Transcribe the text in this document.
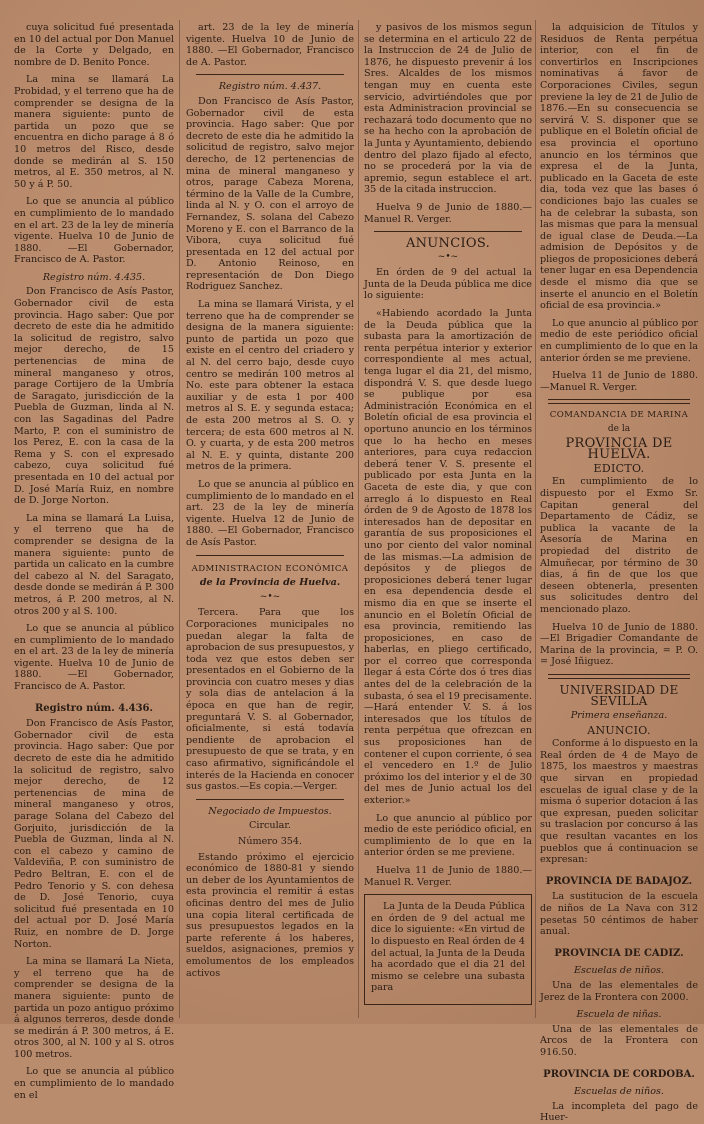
cuya solicitud fué presentada en 10 del actual por Don Manuel de la Corte y Delgado, en nombre de D. Benito Ponce.

La mina se llamará La Probidad, y el terreno que ha de comprender se designa de la manera siguiente: punto de partida un pozo que se encuentra en dicho parage á 8 ó 10 metros del Risco, desde donde se medirán al S. 150 metros, al E. 350 metros, al N. 50 y á P. 50.

Lo que se anuncia al público en cumplimiento de lo mandado en el art. 23 de la ley de minería vigente. Huelva 10 de Junio de 1880. —El Gobernador, Francisco de A. Pastor.

Registro núm. 4.435.

Don Francisco de Asís Pastor, Gobernador civil de esta provincia. Hago saber: Que por decreto de este dia he admitido la solicitud de registro, salvo mejor derecho, de 15 pertenencias de mina de mineral manganeso y otros, parage Cortijero de la Umbría de Saragato, jurisdicción de la Puebla de Guzman, linda al N. con las Sagadinas del Padre Marto, P. con el suministro de los Perez, E. con la casa de la Rema y S. con el expresado cabezo, cuya solicitud fué presentada en 10 del actual por D. José María Ruiz, en nombre de D. Jorge Norton.

La mina se llamará La Luisa, y el terreno que ha de comprender se designa de la manera siguiente: punto de partida un calicato en la cumbre del cabezo al N. del Saragato, desde donde se medirán á P. 300 metros, á P. 200 metros, al N. otros 200 y al S. 100.

Lo que se anuncia al público en cumplimiento de lo mandado en el art. 23 de la ley de minería vigente. Huelva 10 de Junio de 1880. —El Gobernador, Francisco de A. Pastor.

Registro núm. 4.436.

Don Francisco de Asís Pastor, Gobernador civil de esta provincia. Hago saber: Que por decreto de este dia he admitido la solicitud de registro, salvo mejor derecho, de 12 pertenencias de mina de mineral manganeso y otros, parage Solana del Cabezo del Gorjuito, jurisdicción de la Puebla de Guzman, linda al N. con el cabezo y camino de Valdeviña, P. con suministro de Pedro Beltran, E. con el de Pedro Tenorio y S. con dehesa de D. José Tenorio, cuya solicitud fué presentada en 10 del actual por D. José María Ruiz, en nombre de D. Jorge Norton.

La mina se llamará La Nieta, y el terreno que ha de comprender se designa de la manera siguiente: punto de partida un pozo antiguo próximo á algunos terreros, desde donde se medirán á P. 300 metros, á E. otros 300, al N. 100 y al S. otros 100 metros.

Lo que se anuncia al público en cumplimiento de lo mandado en el

art. 23 de la ley de minería vigente. Huelva 10 de Junio de 1880. —El Gobernador, Francisco de A. Pastor.

Registro núm. 4.437.

Don Francisco de Asís Pastor, Gobernador civil de esta provincia. Hago saber: Que por decreto de este dia he admitido la solicitud de registro, salvo mejor derecho, de 12 pertenencias de mina de mineral manganeso y otros, parage Cabeza Morena, término de la Valle de la Cumbre, linda al N. y O. con el arroyo de Fernandez, S. solana del Cabezo Moreno y E. con el Barranco de la Vibora, cuya solicitud fué presentada en 12 del actual por D. Antonio Reinoso, en representación de Don Diego Rodriguez Sanchez.

La mina se llamará Virista, y el terreno que ha de comprender se designa de la manera siguiente: punto de partida un pozo que existe en el centro del criadero y al N. del cerro bajo, desde cuyo centro se medirán 100 metros al No. este para obtener la estaca auxiliar y de esta 1 por 400 metros al S. E. y segunda estaca; de esta 200 metros al S. O. y tercera; de esta 600 metros al N. O. y cuarta, y de esta 200 metros al N. E. y quinta, distante 200 metros de la primera.

Lo que se anuncia al público en cumplimiento de lo mandado en el art. 23 de la ley de minería vigente. Huelva 12 de Junio de 1880. —El Gobernador, Francisco de Asís Pastor.

ADMINISTRACION ECONÓMICA
de la Provincia de Huelva.
~•~

Tercera. Para que los Corporaciones municipales no puedan alegar la falta de aprobacion de sus presupuestos, y toda vez que estos deben ser presentados en el Gobierno de la provincia con cuatro meses y dias y sola dias de antelacion á la época en que han de regir, preguntará V. S. al Gobernador, oficialmente, si está todavía pendiente de aprobacion el presupuesto de que se trata, y en caso afirmativo, significándole el interés de la Hacienda en conocer sus gastos.—Es copia.—Verger.

Negociado de Impuestos.
Circular.
Número 354.

Estando próximo el ejercicio económico de 1880-81 y siendo un deber de los Ayuntamientos de esta provincia el remitir á estas oficinas dentro del mes de Julio una copia literal certificada de sus presupuestos legados en la parte referente á los haberes, sueldos, asignaciones, premios y emolumentos de los empleados activos

y pasivos de los mismos segun se determina en el articulo 22 de la Instruccion de 24 de Julio de 1876, he dispuesto prevenir á los Sres. Alcaldes de los mismos tengan muy en cuenta este servicio, advirtiéndoles que por esta Administracion provincial se rechazará todo documento que no se ha hecho con la aprobación de la Junta y Ayuntamiento, debiendo dentro del plazo fijado al efecto, no se procederá por la via de apremio, segun establece el art. 35 de la citada instruccion.

Huelva 9 de Junio de 1880.—Manuel R. Verger.

ANUNCIOS.
~•~

En órden de 9 del actual la Junta de la Deuda pública me dice lo siguiente:

«Habiendo acordado la Junta de la Deuda pública que la subasta para la amortización de renta perpétua interior y exterior correspondiente al mes actual, tenga lugar el dia 21, del mismo, dispondrá V. S. que desde luego se publique por esa Administración Económica en el Boletín oficial de esa provincia el oportuno anuncio en los términos que lo ha hecho en meses anteriores, para cuya redaccion deberá tener V. S. presente el publicado por esta Junta en la Gaceta de este dia, y que con arreglo á lo dispuesto en Real órden de 9 de Agosto de 1878 los interesados han de depositar en garantía de sus proposiciones el uno por ciento del valor nominal de las mismas.—La admision de depósitos y de pliegos de proposiciones deberá tener lugar en esa dependencia desde el mismo dia en que se inserte el anuncio en el Boletín Oficial de esa provincia, remitiendo las proposiciones, en caso de haberlas, en pliego certificado, por el correo que corresponda llegar á esta Córte dos ó tres dias antes del de la celebración de la subasta, ó sea el 19 precisamente.—Hará entender V. S. á los interesados que los títulos de renta perpétua que ofrezcan en sus proposiciones han de contener el cupon corriente, ó sea el vencedero en 1.º de Julio próximo los del interior y el de 30 del mes de Junio actual los del exterior.»

Lo que anuncio al público por medio de este periódico oficial, en cumplimiento de lo que en la anterior órden se me previene.

Huelva 11 de Junio de 1880.—Manuel R. Verger.

La Junta de la Deuda Pública en órden de 9 del actual me dice lo siguiente: «En virtud de lo dispuesto en Real órden de 4 del actual, la Junta de la Deuda ha acordado que el dia 21 del mismo se celebre una subasta para

la adquisicion de Títulos y Residuos de Renta perpétua interior, con el fin de convertirlos en Inscripciones nominativas á favor de Corporaciones Civiles, segun previene la ley de 21 de Julio de 1876.—En su consecuencia se servirá V. S. disponer que se publique en el Boletín oficial de esa provincia el oportuno anuncio en los términos que expresa el de la Junta, publicado en la Gaceta de este dia, toda vez que las bases ó condiciones bajo las cuales se ha de celebrar la subasta, son las mismas que para la mensual de igual clase de Deuda.—La admision de Depósitos y de pliegos de proposiciones deberá tener lugar en esa Dependencia desde el mismo dia que se inserte el anuncio en el Boletín oficial de esa provincia.»

Lo que anuncio al público por medio de este periódico oficial en cumplimiento de lo que en la anterior órden se me previene.

Huelva 11 de Junio de 1880.—Manuel R. Verger.

COMANDANCIA DE MARINA
de la
PROVINCIA DE HUELVA.
EDICTO.

En cumplimiento de lo dispuesto por el Exmo Sr. Capitan general del Departamento de Cádiz, se publica la vacante de la Asesoría de Marina en propiedad del distrito de Almuñecar, por término de 30 dias, á fin de que los que deseen obtenerla, presenten sus solicitudes dentro del mencionado plazo.

Huelva 10 de Junio de 1880.—El Brigadier Comandante de Marina de la provincia, = P. O. = José Iñiguez.

UNIVERSIDAD DE SEVILLA
Primera enseñanza.
ANUNCIO.

Conforme á lo dispuesto en la Real órden de 4 de Mayo de 1875, los maestros y maestras que sirvan en propiedad escuelas de igual clase y de la misma ó superior dotacion á las que expresan, pueden solicitar su traslacion por concurso á las que resultan vacantes en los pueblos que á continuacion se expresan:

PROVINCIA DE BADAJOZ.

La sustitucion de la escuela de niños de La Nava con 312 pesetas 50 céntimos de haber anual.

PROVINCIA DE CADIZ.
Escuelas de niños.

Una de las elementales de Jerez de la Frontera con 2000.

Escuela de niñas.

Una de las elementales de Arcos de la Frontera con 916.50.

PROVINCIA DE CORDOBA.
Escuelas de niños.

La incompleta del pago de Huer-
